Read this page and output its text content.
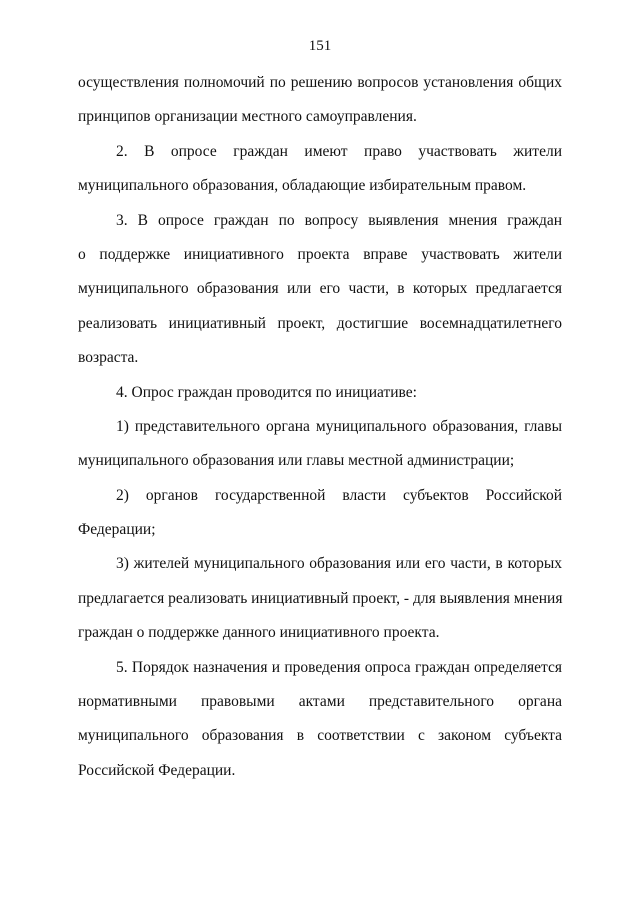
151
осуществления полномочий по решению вопросов установления общих
принципов организации местного самоуправления.
2. В опросе граждан имеют право участвовать жители
муниципального образования, обладающие избирательным правом.
3. В опросе граждан по вопросу выявления мнения граждан
о поддержке инициативного проекта вправе участвовать жители
муниципального образования или его части, в которых предлагается
реализовать инициативный проект, достигшие восемнадцатилетнего
возраста.
4. Опрос граждан проводится по инициативе:
1) представительного органа муниципального образования, главы
муниципального образования или главы местной администрации;
2) органов государственной власти субъектов Российской
Федерации;
3) жителей муниципального образования или его части, в которых
предлагается реализовать инициативный проект, - для выявления мнения
граждан о поддержке данного инициативного проекта.
5. Порядок назначения и проведения опроса граждан определяется
нормативными правовыми актами представительного органа
муниципального образования в соответствии с законом субъекта
Российской Федерации.
